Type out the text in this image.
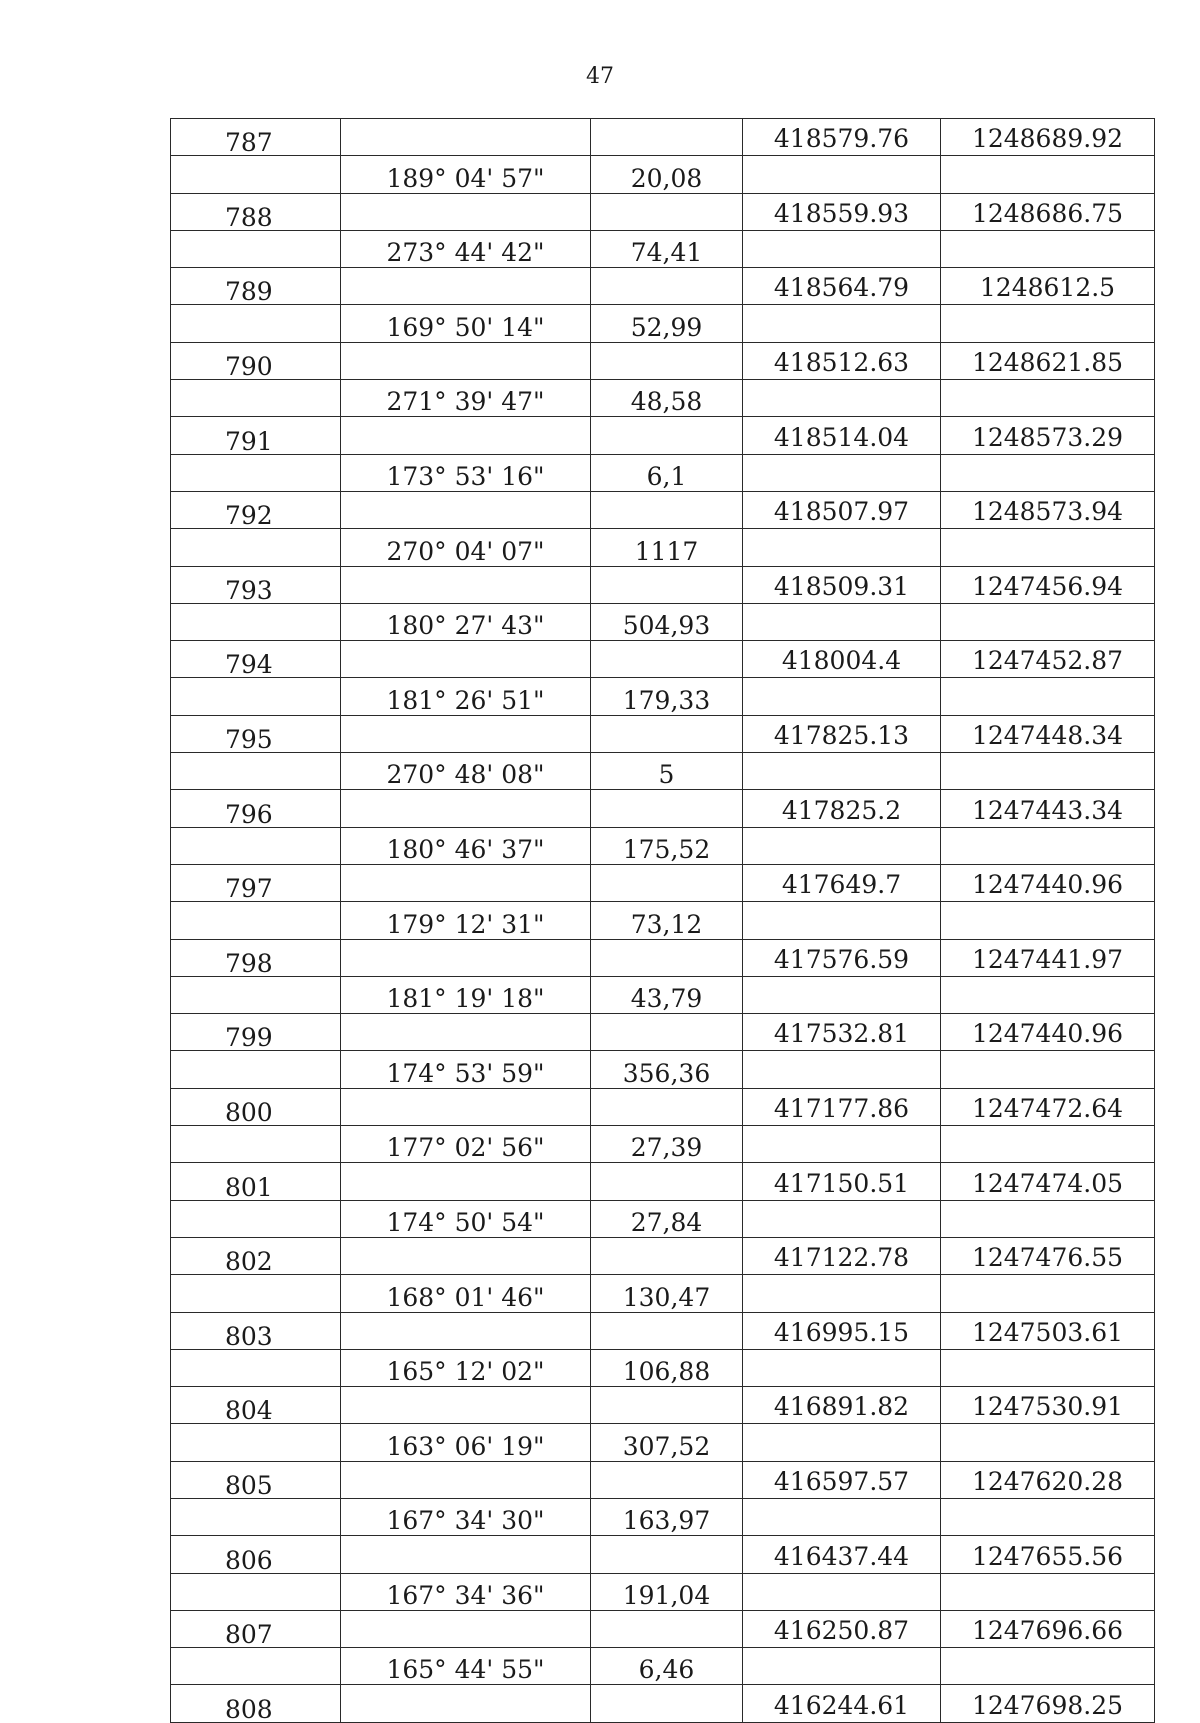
47
787			418579.76	1248689.92
	189° 04' 57"	20,08		
788			418559.93	1248686.75
	273° 44' 42"	74,41		
789			418564.79	1248612.5
	169° 50' 14"	52,99		
790			418512.63	1248621.85
	271° 39' 47"	48,58		
791			418514.04	1248573.29
	173° 53' 16"	6,1		
792			418507.97	1248573.94
	270° 04' 07"	1117		
793			418509.31	1247456.94
	180° 27' 43"	504,93		
794			418004.4	1247452.87
	181° 26' 51"	179,33		
795			417825.13	1247448.34
	270° 48' 08"	5		
796			417825.2	1247443.34
	180° 46' 37"	175,52		
797			417649.7	1247440.96
	179° 12' 31"	73,12		
798			417576.59	1247441.97
	181° 19' 18"	43,79		
799			417532.81	1247440.96
	174° 53' 59"	356,36		
800			417177.86	1247472.64
	177° 02' 56"	27,39		
801			417150.51	1247474.05
	174° 50' 54"	27,84		
802			417122.78	1247476.55
	168° 01' 46"	130,47		
803			416995.15	1247503.61
	165° 12' 02"	106,88		
804			416891.82	1247530.91
	163° 06' 19"	307,52		
805			416597.57	1247620.28
	167° 34' 30"	163,97		
806			416437.44	1247655.56
	167° 34' 36"	191,04		
807			416250.87	1247696.66
	165° 44' 55"	6,46		
808			416244.61	1247698.25
